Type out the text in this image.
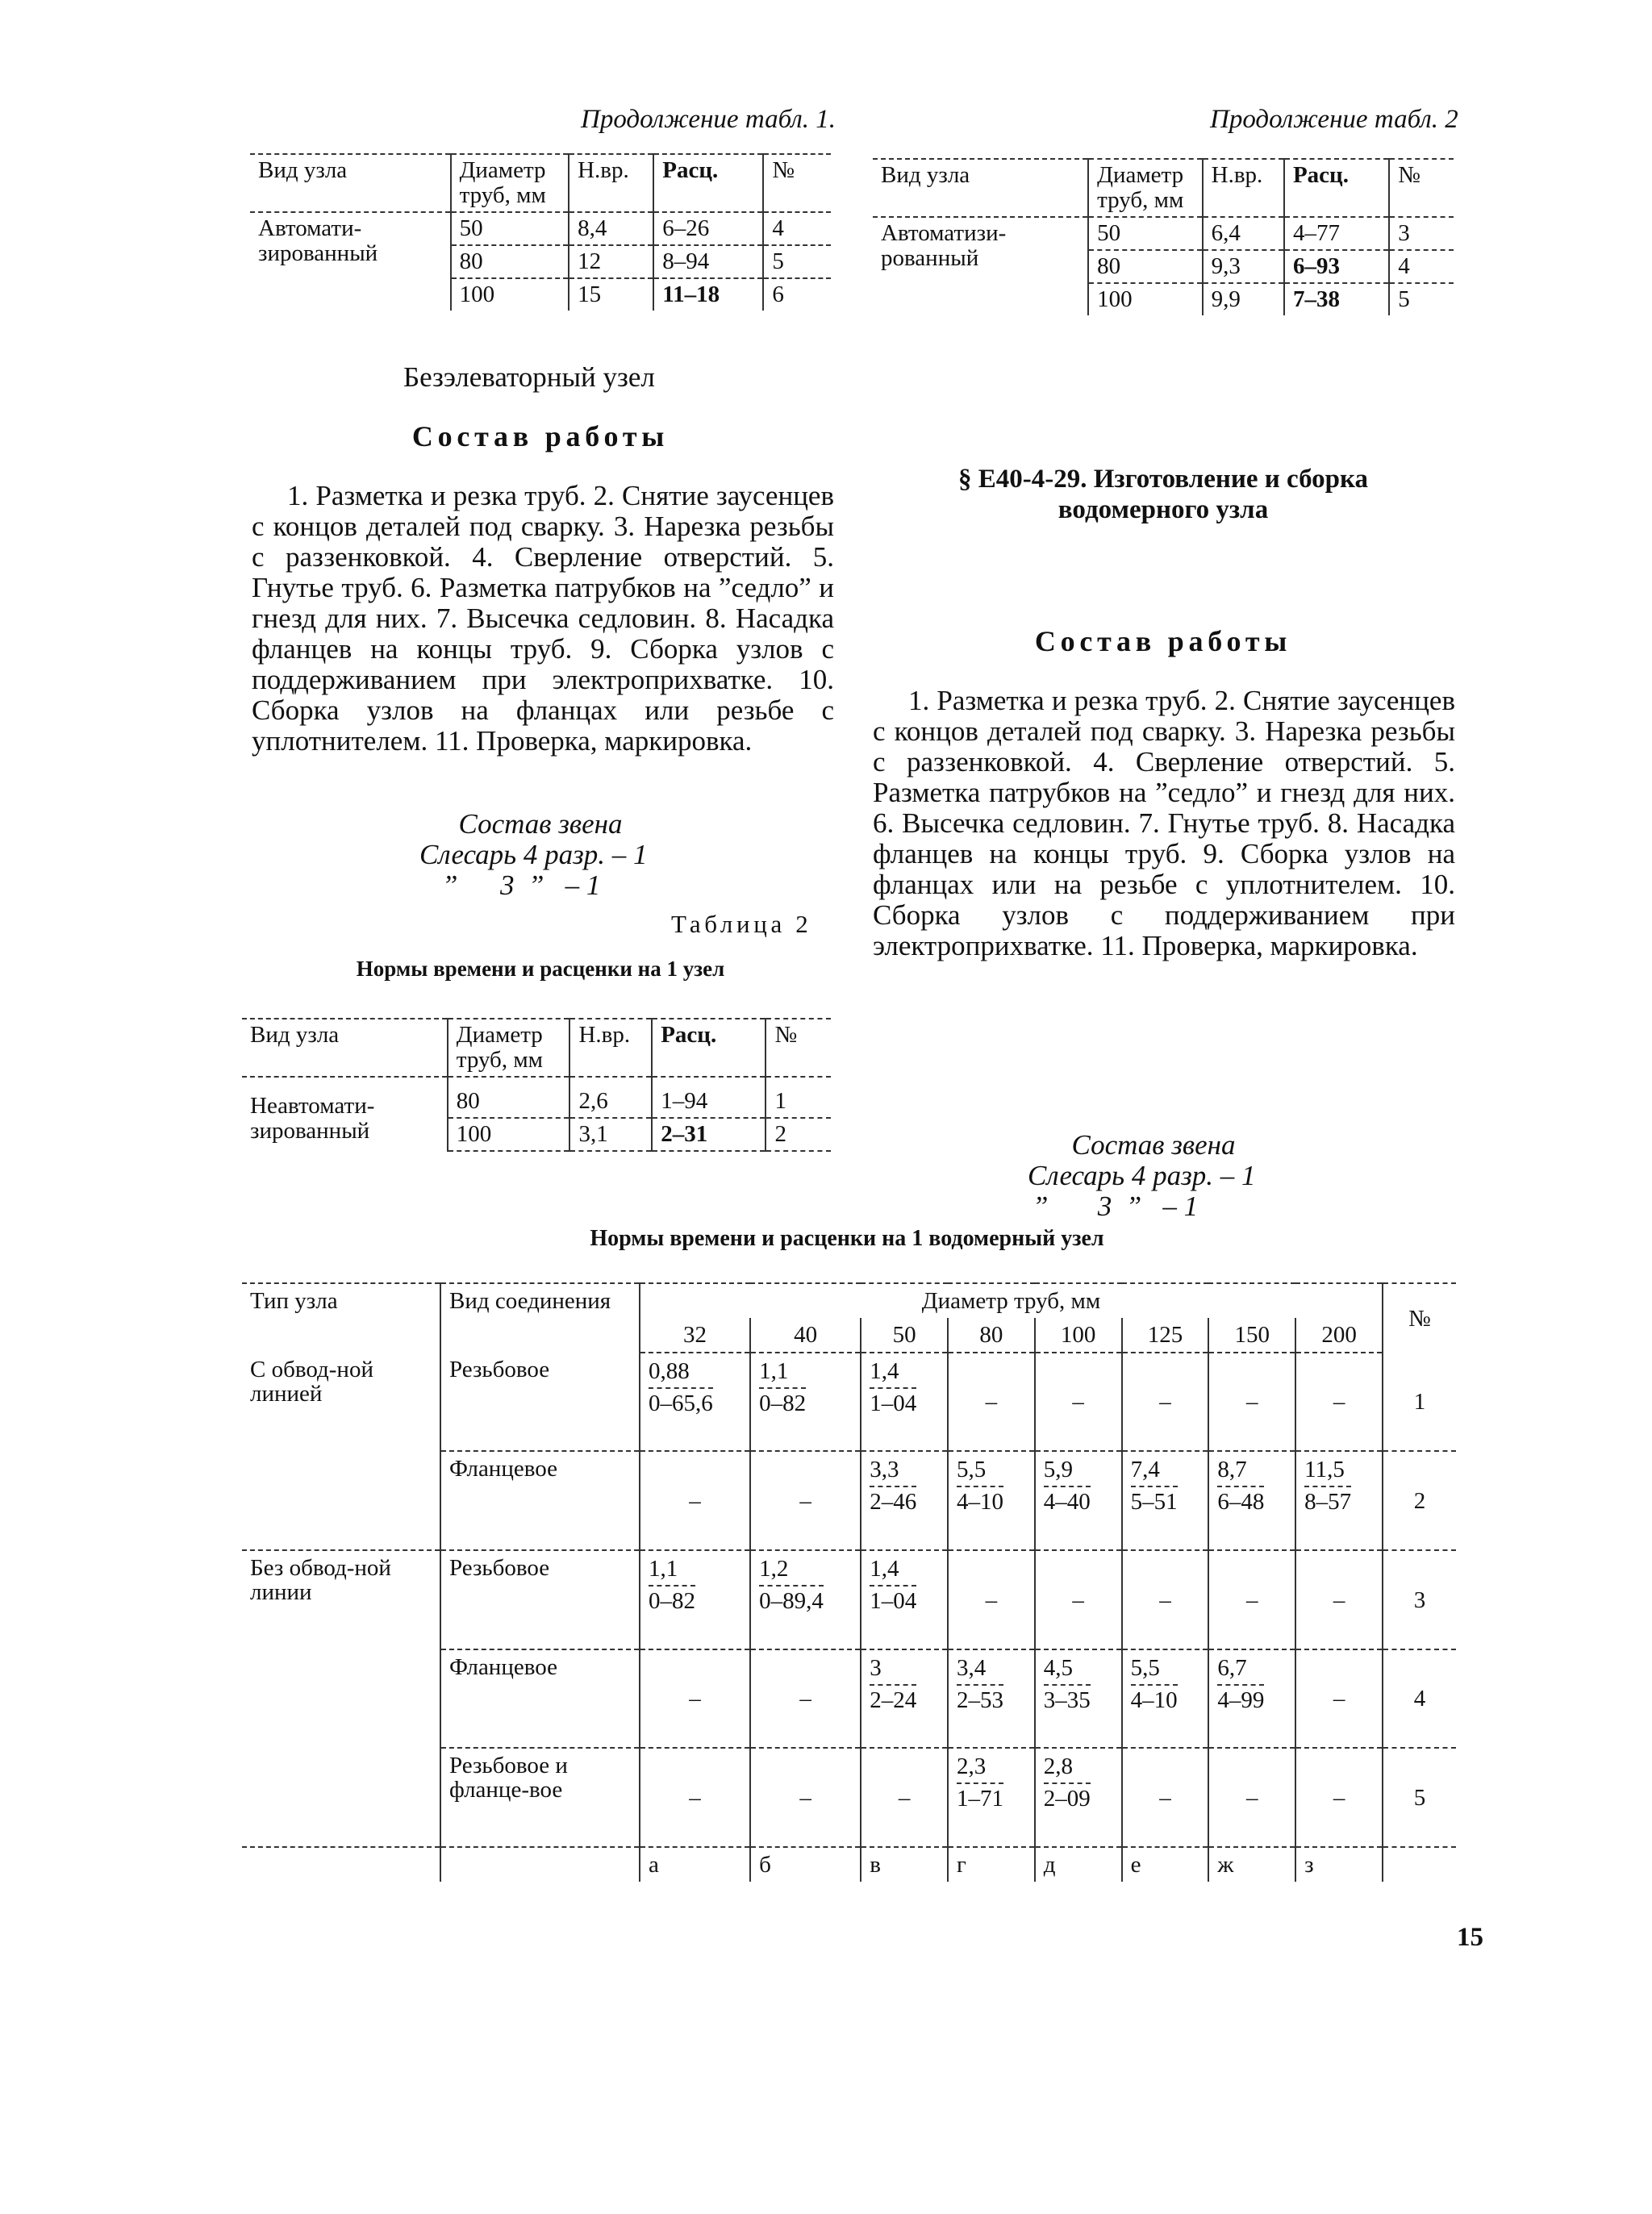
Продолжение табл. 1.	Продолжение табл. 2
Вид узла	Диаметр труб, мм	Н.вр.	Расц.	№
Автомати-зированный	50	8,4	6–26	4
	80	12	8–94	5
	100	15	11–18	6
Безэлеваторный узел
Состав работы
1. Разметка и резка труб. 2. Снятие заусенцев с концов деталей под сварку. 3. Нарезка резьбы с раззенковкой. 4. Сверление отверстий. 5. Гнутье труб. 6. Разметка патрубков на ”седло” и гнезд для них. 7. Высечка седловин. 8. Насадка фланцев на концы труб. 9. Сборка узлов с поддерживанием при электроприхватке. 10. Сборка узлов на фланцах или резьбе с уплотнителем. 11. Проверка, маркировка.
Состав звена
Слесарь 4 разр. – 1
”      3  ”   – 1
Таблица 2
Нормы времени и расценки на 1 узел
Вид узла	Диаметр труб, мм	Н.вр.	Расц.	№
Неавтомати-зированный	80	2,6	1–94	1
	100	3,1	2–31	2
Вид узла	Диаметр труб, мм	Н.вр.	Расц.	№
Автоматизи-рованный	50	6,4	4–77	3
	80	9,3	6–93	4
	100	9,9	7–38	5
§ Е40-4-29. Изготовление и сборка
водомерного узла
Состав работы
1. Разметка и резка труб. 2. Снятие заусенцев с концов деталей под сварку. 3. Нарезка резьбы с раззенковкой. 4. Сверление отверстий. 5. Разметка патрубков на ”седло” и гнезд для них. 6. Высечка седловин. 7. Гнутье труб. 8. Насадка фланцев на концы труб. 9. Сборка узлов на фланцах или на резьбе с уплотнителем. 10. Сборка узлов с поддерживанием при электроприхватке. 11. Проверка, маркировка.
Состав звена
Слесарь 4 разр. – 1
”       3  ”   – 1
Нормы времени и расценки на 1 водомерный узел
Тип узла	Вид соединения	Диаметр труб, мм								№
		32	40	50	80	100	125	150	200	
С обвод-ной линией	Резьбовое	$\frac{0,88}{0-65,6}$	$\frac{1,1}{0-82}$	$\frac{1,4}{1-04}$	–	–	–	–	–	1
	Фланцевое	–	–	$\frac{3,3}{2-46}$	$\frac{5,5}{4-10}$	$\frac{5,9}{4-40}$	$\frac{7,4}{5-51}$	$\frac{8,7}{6-48}$	$\frac{11,5}{8-57}$	2
Без обвод-ной линии	Резьбовое	$\frac{1,1}{0-82}$	$\frac{1,2}{0-89,4}$	$\frac{1,4}{1-04}$	–	–	–	–	–	3
	Фланцевое	–	–	$\frac{3}{2-24}$	$\frac{3,4}{2-53}$	$\frac{4,5}{3-35}$	$\frac{5,5}{4-10}$	$\frac{6,7}{4-99}$	–	4
	Резьбовое и фланце-вое	–	–	–	$\frac{2,3}{1-71}$	$\frac{2,8}{2-09}$	–	–	–	5
		а	б	в	г	д	е	ж	з	
15
